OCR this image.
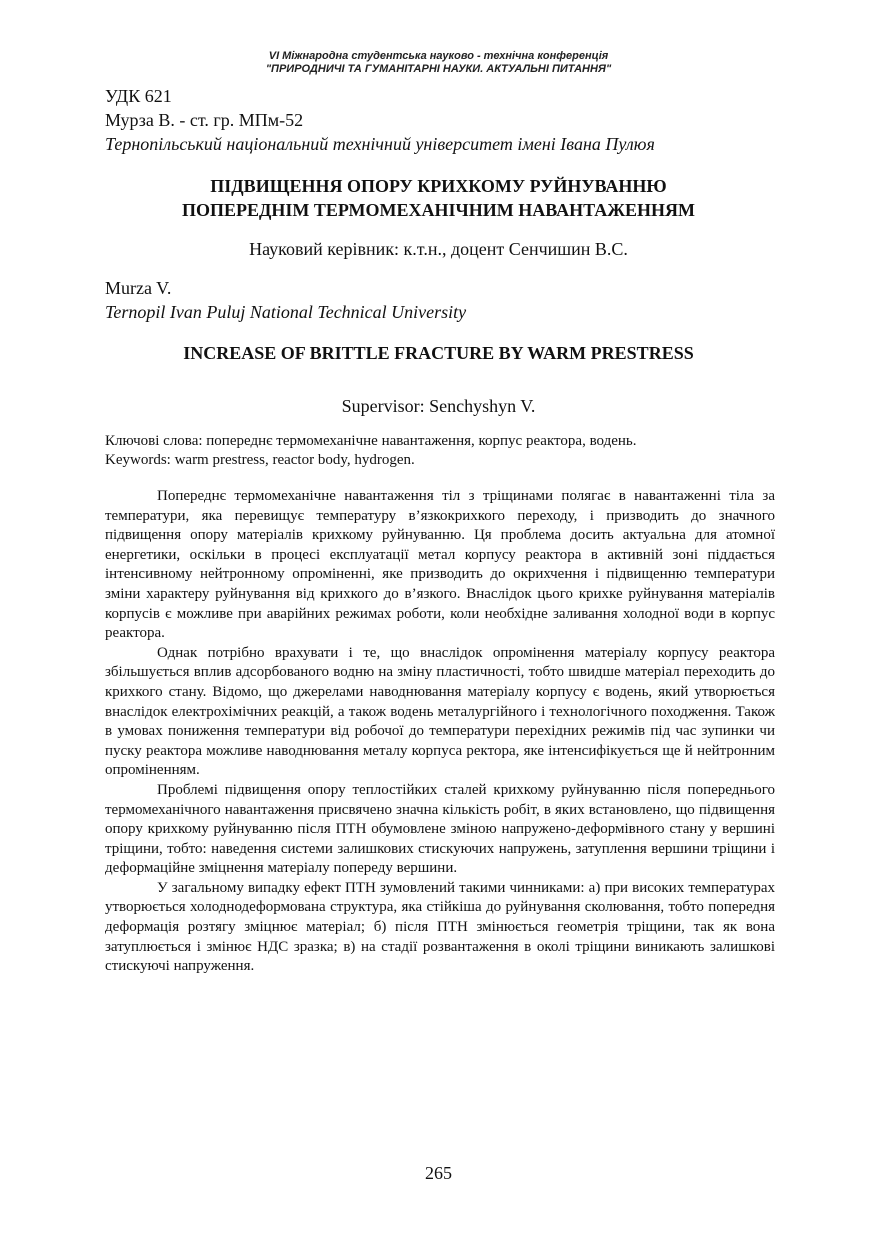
VI Міжнародна студентська науково - технічна конференція
"ПРИРОДНИЧІ ТА ГУМАНІТАРНІ НАУКИ. АКТУАЛЬНІ ПИТАННЯ"
УДК 621
Мурза В. - ст. гр. МПм-52
Тернопільський національний технічний університет імені Івана Пулюя
ПІДВИЩЕННЯ ОПОРУ КРИХКОМУ РУЙНУВАННЮ
ПОПЕРЕДНІМ ТЕРМОМЕХАНІЧНИМ НАВАНТАЖЕННЯМ
Науковий керівник: к.т.н., доцент Сенчишин В.С.
Murza V.
Ternopil Ivan Puluj National Technical University
INCREASE OF BRITTLE FRACTURE BY WARM PRESTRESS
Supervisor: Senchyshyn V.
Ключові слова: попереднє термомеханічне навантаження, корпус реактора, водень.
Keywords: warm prestress, reactor body, hydrogen.

Попереднє термомеханічне навантаження тіл з тріщинами полягає в навантаженні тіла за температури, яка перевищує температуру в’язкокрихкого переходу, і призводить до значного підвищення опору матеріалів крихкому руйнуванню. Ця проблема досить актуальна для атомної енергетики, оскільки в процесі експлуатації метал корпусу реактора в активній зоні піддається інтенсивному нейтронному опроміненні, яке призводить до окрихчення і підвищенню температури зміни характеру руйнування від крихкого до в’язкого. Внаслідок цього крихке руйнування матеріалів корпусів є можливе при аварійних режимах роботи, коли необхідне заливання холодної води в корпус реактора.

Однак потрібно врахувати і те, що внаслідок опромінення матеріалу корпусу реактора збільшується вплив адсорбованого водню на зміну пластичності, тобто швидше матеріал переходить до крихкого стану. Відомо, що джерелами наводнювання матеріалу корпусу є водень, який утворюється внаслідок електрохімічних реакцій, а також водень металургійного і технологічного походження. Також в умовах пониження температури від робочої до температури перехідних режимів під час зупинки чи пуску реактора можливе наводнювання металу корпуса ректора, яке інтенсифікується ще й нейтронним опроміненням.

Проблемі підвищення опору теплостійких сталей крихкому руйнуванню після попереднього термомеханічного навантаження присвячено значна кількість робіт, в яких встановлено, що підвищення опору крихкому руйнуванню після ПТН обумовлене зміною напружено-деформівного стану у вершині тріщини, тобто: наведення системи залишкових стискуючих напружень, затуплення вершини тріщини і деформаційне зміцнення матеріалу попереду вершини.

У загальному випадку ефект ПТН зумовлений такими чинниками: а) при високих температурах утворюється холоднодеформована структура, яка стійкіша до руйнування сколювання, тобто попередня деформація розтягу зміцнює матеріал; б) після ПТН змінюється геометрія тріщини, так як вона затуплюється і змінює НДС зразка; в) на стадії розвантаження в околі тріщини виникають залишкові стискуючі напруження.

265
